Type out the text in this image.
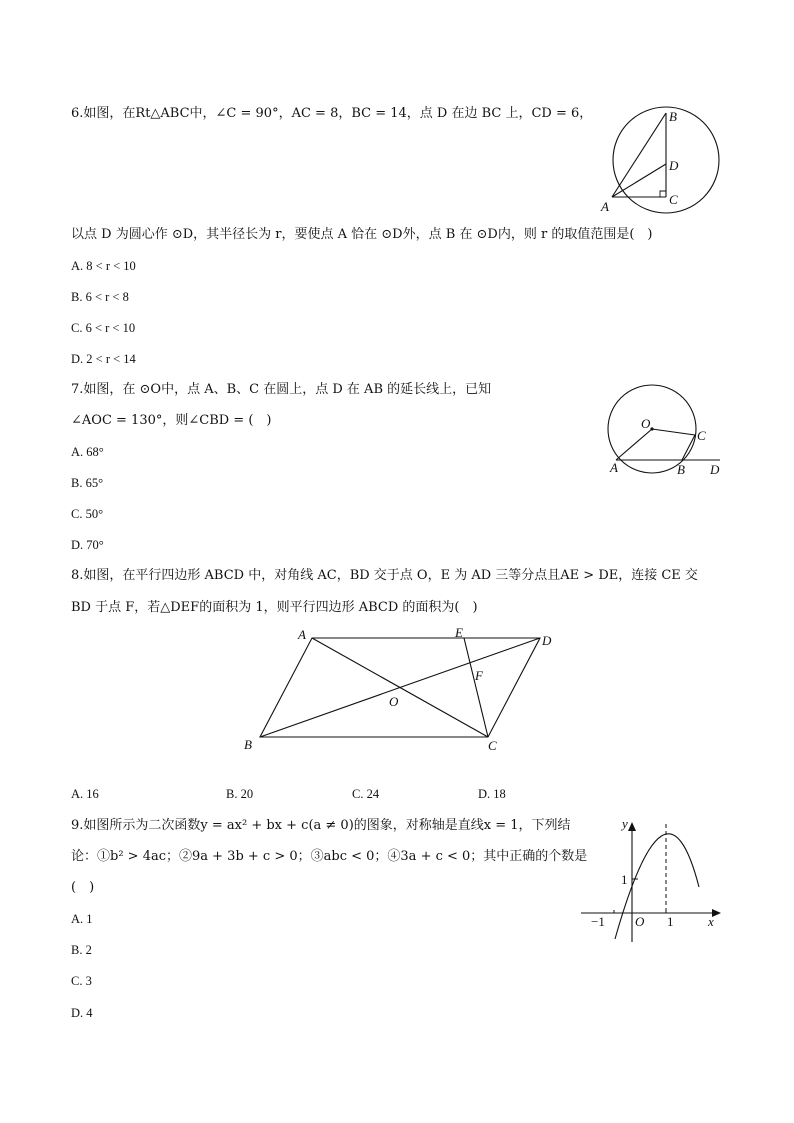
6.如图，在Rt△ABC中，∠C = 90°，AC = 8，BC = 14，点 D 在边 BC 上，CD = 6，
A
B
C
D
以点 D 为圆心作 ⊙D，其半径长为 r，要使点 A 恰在 ⊙D外，点 B 在 ⊙D内，则 r 的取值范围是(　)
A. 8 < r < 10
B. 6 < r < 8
C. 6 < r < 10
D. 2 < r < 14
7.如图，在 ⊙O中，点 A、B、C 在圆上，点 D 在 AB 的延长线上，已知
O
A	B
C
D
∠AOC = 130°，则∠CBD = (　)
A. 68°
B. 65°
C. 50°
D. 70°
8.如图，在平行四边形 ABCD 中，对角线 AC，BD 交于点 O，E 为 AD 三等分点且AE > DE，连接 CE 交
BD 于点 F，若△DEF的面积为 1，则平行四边形 ABCD 的面积为(　)
A
B	C
D
E
F
O
A. 16	B. 20	C. 24	D. 18
9.如图所示为二次函数y = ax² + bx + c(a ≠ 0)的图象，对称轴是直线x = 1，下列结	y
x
1
−1 O 1
论：①b² > 4ac；②9a + 3b + c > 0；③abc < 0；④3a + c < 0；其中正确的个数是
(　)
A. 1
B. 2
C. 3
D. 4
